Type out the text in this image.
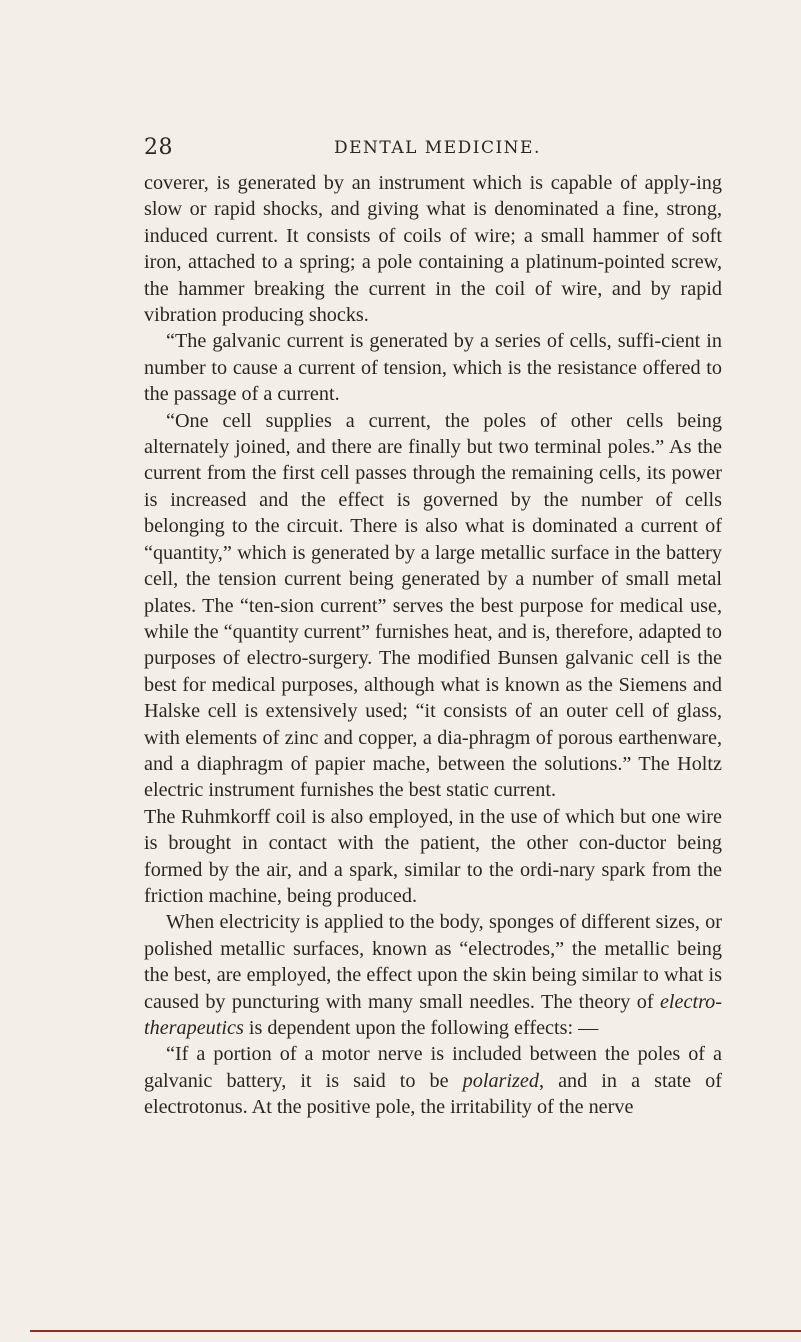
28	DENTAL MEDICINE.

coverer, is generated by an instrument which is capable of apply-ing slow or rapid shocks, and giving what is denominated a fine, strong, induced current. It consists of coils of wire; a small hammer of soft iron, attached to a spring; a pole containing a platinum-pointed screw, the hammer breaking the current in the coil of wire, and by rapid vibration producing shocks.

“The galvanic current is generated by a series of cells, suffi-cient in number to cause a current of tension, which is the resistance offered to the passage of a current.

“One cell supplies a current, the poles of other cells being alternately joined, and there are finally but two terminal poles.” As the current from the first cell passes through the remaining cells, its power is increased and the effect is governed by the number of cells belonging to the circuit. There is also what is dominated a current of “quantity,” which is generated by a large metallic surface in the battery cell, the tension current being generated by a number of small metal plates. The “ten-sion current” serves the best purpose for medical use, while the “quantity current” furnishes heat, and is, therefore, adapted to purposes of electro-surgery. The modified Bunsen galvanic cell is the best for medical purposes, although what is known as the Siemens and Halske cell is extensively used; “it consists of an outer cell of glass, with elements of zinc and copper, a dia-phragm of porous earthenware, and a diaphragm of papier mache, between the solutions.” The Holtz electric instrument furnishes the best static current.

The Ruhmkorff coil is also employed, in the use of which but one wire is brought in contact with the patient, the other con-ductor being formed by the air, and a spark, similar to the ordi-nary spark from the friction machine, being produced.

When electricity is applied to the body, sponges of different sizes, or polished metallic surfaces, known as “electrodes,” the metallic being the best, are employed, the effect upon the skin being similar to what is caused by puncturing with many small needles. The theory of electro-therapeutics is dependent upon the following effects: —

“If a portion of a motor nerve is included between the poles of a galvanic battery, it is said to be polarized, and in a state of electrotonus. At the positive pole, the irritability of the nerve
